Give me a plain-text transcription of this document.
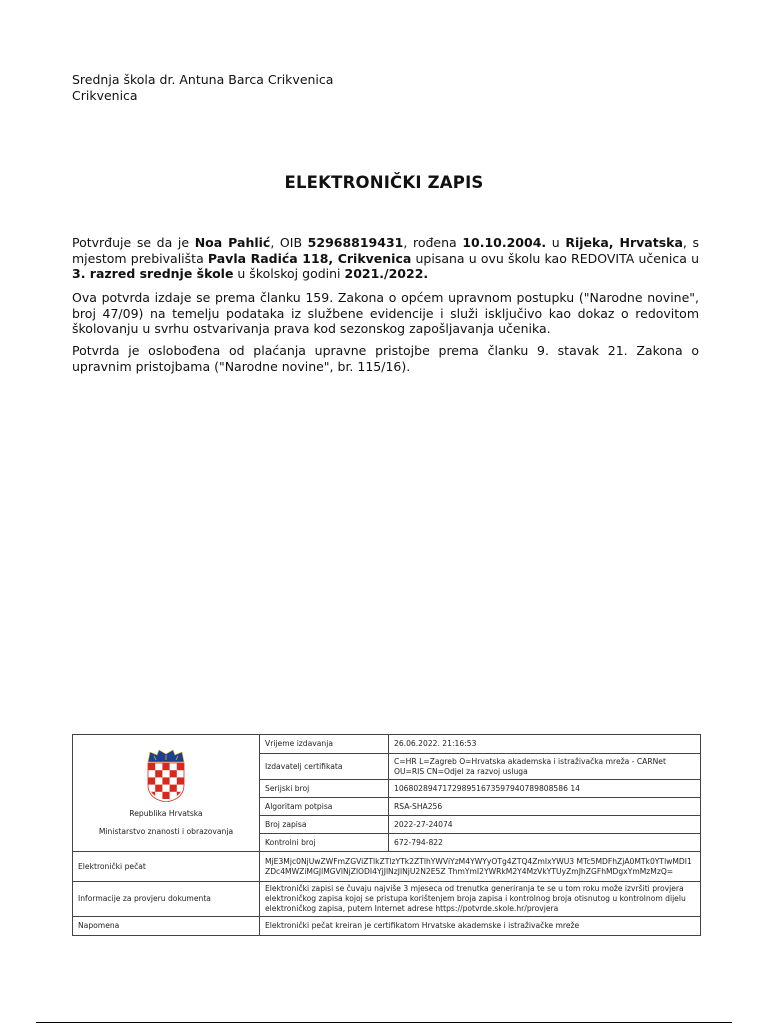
Srednja škola dr. Antuna Barca Crikvenica
Crikvenica
ELEKTRONIČKI ZAPIS
Potvrđuje se da je Noa Pahlić, OIB 52968819431, rođena 10.10.2004. u Rijeka, Hrvatska, s mjestom prebivališta Pavla Radića 118, Crikvenica upisana u ovu školu kao REDOVITA učenica u 3. razred srednje škole u školskoj godini 2021./2022.
Ova potvrda izdaje se prema članku 159. Zakona o općem upravnom postupku ("Narodne novine", broj 47/09) na temelju podataka iz službene evidencije i služi isključivo kao dokaz o redovitom školovanju u svrhu ostvarivanja prava kod sezonskog zapošljavanja učenika.
Potvrda je oslobođena od plaćanja upravne pristojbe prema članku 9. stavak 21. Zakona o upravnim pristojbama ("Narodne novine", br. 115/16).
Republika Hrvatska
Ministarstvo znanosti i obrazovanja	Vrijeme izdavanja	26.06.2022. 21:16:53
	Izdavatelj certifikata	C=HR L=Zagreb O=Hrvatska akademska i istraživačka mreža - CARNet OU=RIS CN=Odjel za razvoj usluga
	Serijski broj	106802894717298951673597940789808586 14
	Algoritam potpisa	RSA-SHA256
	Broj zapisa	2022-27-24074
	Kontrolni broj	672-794-822
Elektronički pečat	MjE3Mjc0NjUwZWFmZGViZTlkZTlzYTk2ZTlhYWViYzM4YWYyOTg4ZTQ4ZmIxYWU3 MTc5MDFhZjA0MTk0YTlwMDI1ZDc4MWZiMGJlMGVlNjZlODI4YjJlNzJlNjU2N2E5Z ThmYmI2YWRkM2Y4MzVkYTUyZmJhZGFhMDgxYmMzMzQ=	
Informacije za provjeru dokumenta	Elektronički zapisi se čuvaju najviše 3 mjeseca od trenutka generiranja te se u tom roku može izvršiti provjera elektroničkog zapisa kojoj se pristupa korištenjem broja zapisa i kontrolnog broja otisnutog u kontrolnom dijelu elektroničkog zapisa, putem Internet adrese https://potvrde.skole.hr/provjera	
Napomena	Elektronički pečat kreiran je certifikatom Hrvatske akademske i istraživačke mreže	
